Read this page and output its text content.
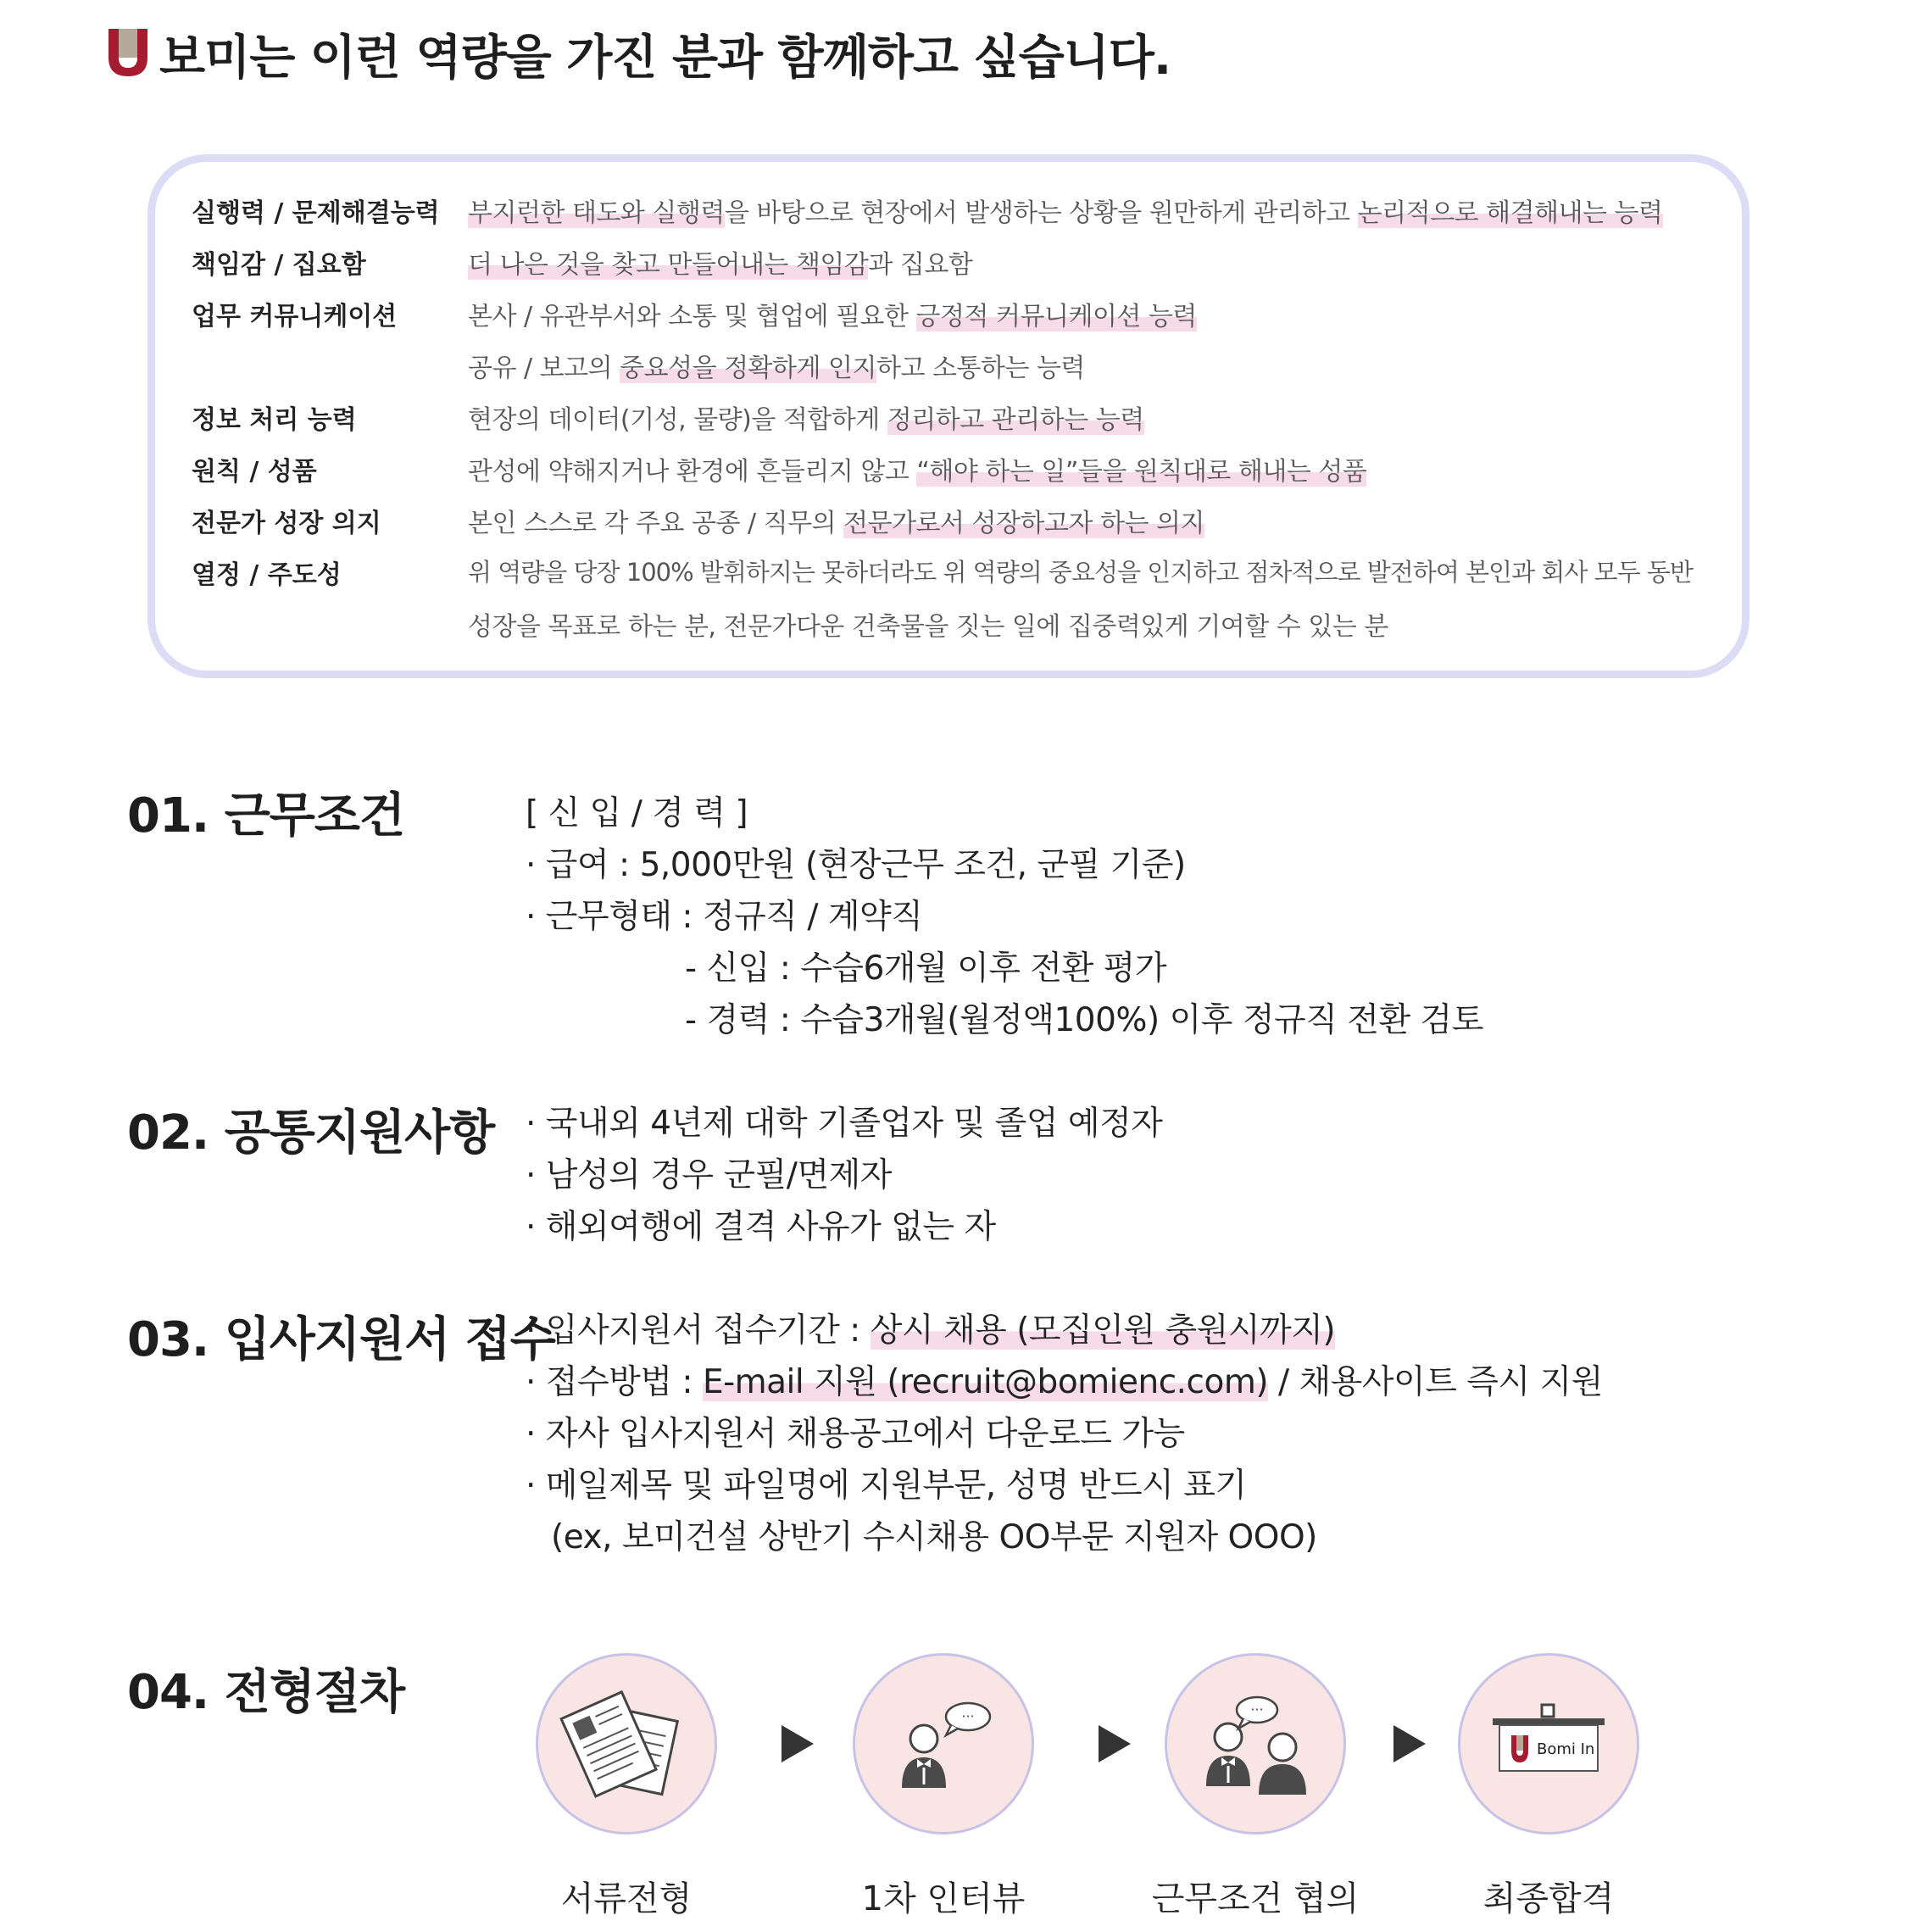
보미는 이런 역량을 가진 분과 함께하고 싶습니다.
실행력 / 문제해결능력	부지런한 태도와 실행력을 바탕으로 현장에서 발생하는 상황을 원만하게 관리하고 논리적으로 해결해내는 능력
책임감 / 집요함	더 나은 것을 찾고 만들어내는 책임감과 집요함
업무 커뮤니케이션	본사 / 유관부서와 소통 및 협업에 필요한 긍정적 커뮤니케이션 능력
공유 / 보고의 중요성을 정확하게 인지하고 소통하는 능력
정보 처리 능력	현장의 데이터(기성, 물량)을 적합하게 정리하고 관리하는 능력
원칙 / 성품	관성에 약해지거나 환경에 흔들리지 않고 “해야 하는 일”들을 원칙대로 해내는 성품
전문가 성장 의지	본인 스스로 각 주요 공종 / 직무의 전문가로서 성장하고자 하는 의지
열정 / 주도성	위 역량을 당장 100% 발휘하지는 못하더라도 위 역량의 중요성을 인지하고 점차적으로 발전하여 본인과 회사 모두 동반
성장을 목표로 하는 분, 전문가다운 건축물을 짓는 일에 집중력있게 기여할 수 있는 분
01. 근무조건	[ 신 입 / 경 력 ]
· 급여 : 5,000만원 (현장근무 조건, 군필 기준)
· 근무형태 : 정규직 / 계약직
- 신입 : 수습6개월 이후 전환 평가
- 경력 : 수습3개월(월정액100%) 이후 정규직 전환 검토
02. 공통지원사항 · 국내외 4년제 대학 기졸업자 및 졸업 예정자
· 남성의 경우 군필/면제자
· 해외여행에 결격 사유가 없는 자
03. 입사지원서 접수
· 입사지원서 접수기간 : 상시 채용 (모집인원 충원시까지)
· 접수방법 : E-mail 지원 (recruit@bomienc.com) / 채용사이트 즉시 지원
· 자사 입사지원서 채용공고에서 다운로드 가능
· 메일제목 및 파일명에 지원부문, 성명 반드시 표기
(ex, 보미건설 상반기 수시채용 OO부문 지원자 OOO)
04. 전형절차	···	···
Bomi In
서류전형	1차 인터뷰	근무조건 협의	최종합격
